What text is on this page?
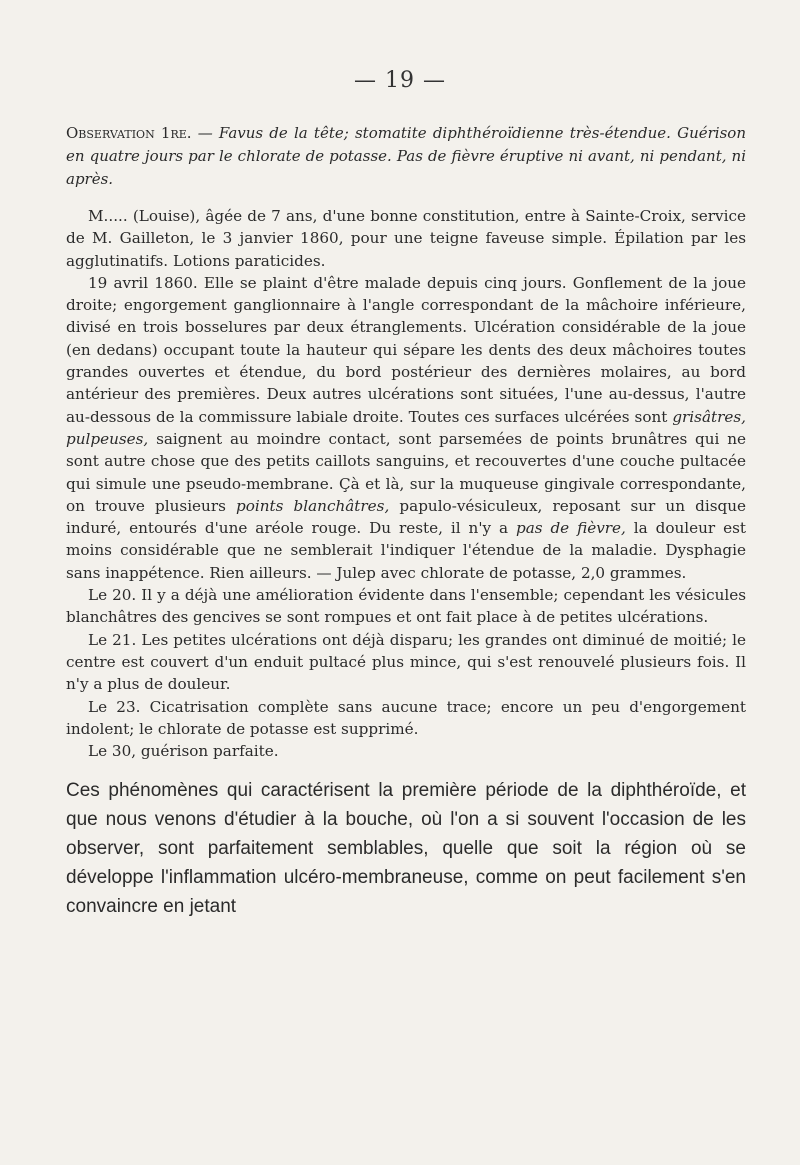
— 19 —

Observation 1re. — Favus de la tête; stomatite diphthéroïdienne très-étendue. Guérison en quatre jours par le chlorate de potasse. Pas de fièvre éruptive ni avant, ni pendant, ni après.

M..... (Louise), âgée de 7 ans, d'une bonne constitution, entre à Sainte-Croix, service de M. Gailleton, le 3 janvier 1860, pour une teigne faveuse simple. Épilation par les agglutinatifs. Lotions paraticides.

19 avril 1860. Elle se plaint d'être malade depuis cinq jours. Gonflement de la joue droite; engorgement ganglionnaire à l'angle correspondant de la mâchoire inférieure, divisé en trois bosselures par deux étranglements. Ulcération considérable de la joue (en dedans) occupant toute la hauteur qui sépare les dents des deux mâchoires toutes grandes ouvertes et étendue, du bord postérieur des dernières molaires, au bord antérieur des premières. Deux autres ulcérations sont situées, l'une au-dessus, l'autre au-dessous de la commissure labiale droite. Toutes ces surfaces ulcérées sont grisâtres, pulpeuses, saignent au moindre contact, sont parsemées de points brunâtres qui ne sont autre chose que des petits caillots sanguins, et recouvertes d'une couche pultacée qui simule une pseudo-membrane. Çà et là, sur la muqueuse gingivale correspondante, on trouve plusieurs points blanchâtres, papulo-vésiculeux, reposant sur un disque induré, entourés d'une aréole rouge. Du reste, il n'y a pas de fièvre, la douleur est moins considérable que ne semblerait l'indiquer l'étendue de la maladie. Dysphagie sans inappétence. Rien ailleurs. — Julep avec chlorate de potasse, 2,0 grammes.

Le 20. Il y a déjà une amélioration évidente dans l'ensemble; cependant les vésicules blanchâtres des gencives se sont rompues et ont fait place à de petites ulcérations.

Le 21. Les petites ulcérations ont déjà disparu; les grandes ont diminué de moitié; le centre est couvert d'un enduit pultacé plus mince, qui s'est renouvelé plusieurs fois. Il n'y a plus de douleur.

Le 23. Cicatrisation complète sans aucune trace; encore un peu d'engorgement indolent; le chlorate de potasse est supprimé.

Le 30, guérison parfaite.

Ces phénomènes qui caractérisent la première période de la diphthéroïde, et que nous venons d'étudier à la bouche, où l'on a si souvent l'occasion de les observer, sont parfaitement semblables, quelle que soit la région où se développe l'inflammation ulcéro-membraneuse, comme on peut facilement s'en convaincre en jetant
